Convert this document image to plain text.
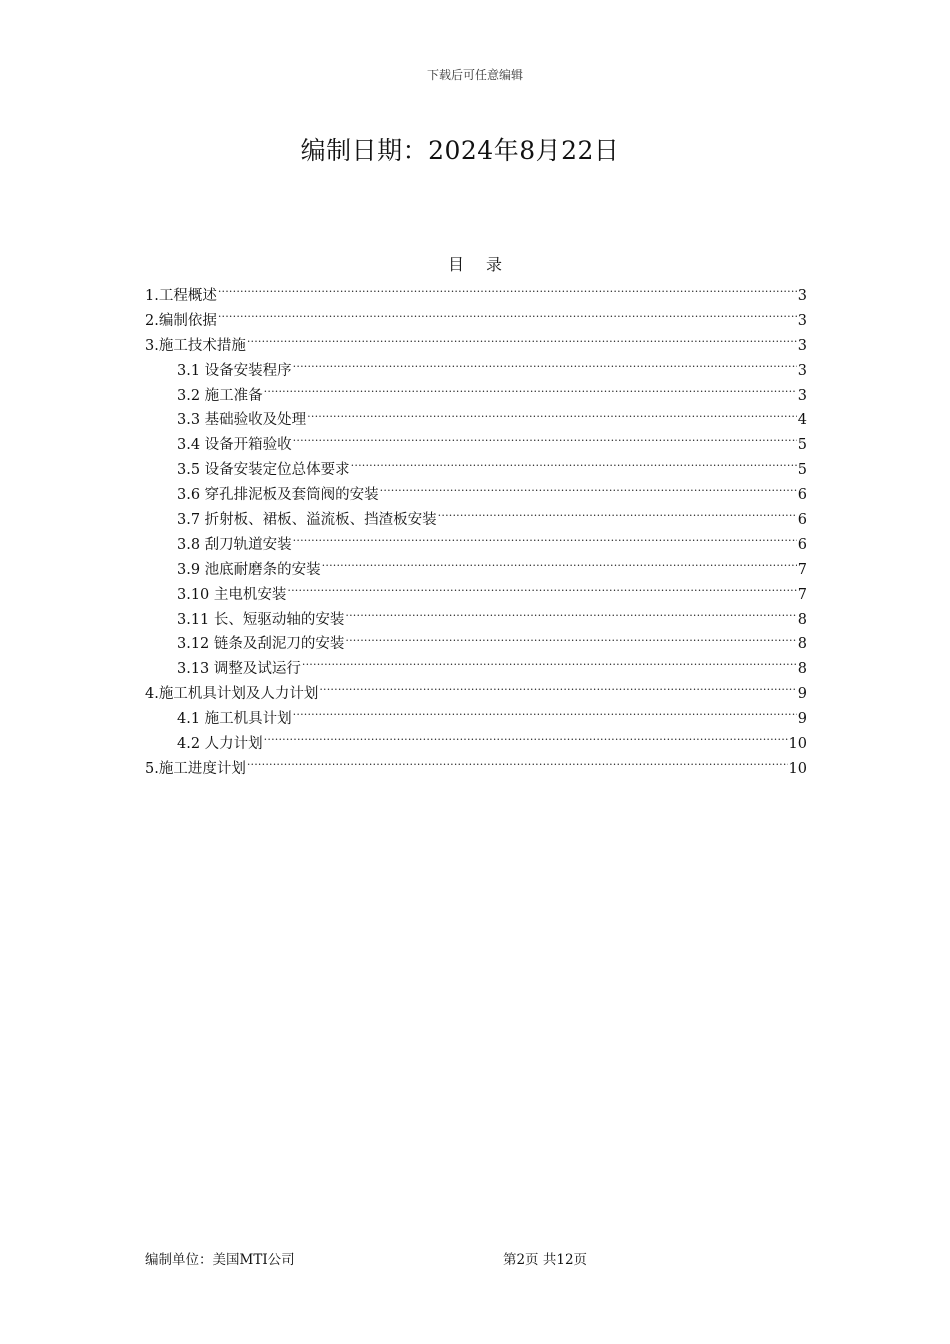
下载后可任意编辑
编制日期：2024年8月22日
目录
1.工程概述 .....	3
2.编制依据 .....	3
3.施工技术措施 .....	3
3.1 设备安装程序 .....	3
3.2 施工准备 .....	3
3.3 基础验收及处理 .....	4
3.4 设备开箱验收 .....	5
3.5 设备安装定位总体要求 .....	5
3.6 穿孔排泥板及套筒阀的安装 .....	6
3.7 折射板、裙板、溢流板、挡渣板安装 .....	6
3.8 刮刀轨道安装 .....	6
3.9 池底耐磨条的安装 .....	7
3.10 主电机安装 .....	7
3.11 长、短驱动轴的安装 .....	8
3.12 链条及刮泥刀的安装 .....	8
3.13 调整及试运行 .....	8
4.施工机具计划及人力计划 .....	9
4.1 施工机具计划 .....	9
4.2 人力计划 .....	10
5.施工进度计划 .....	10
编制单位：美国MTI公司	第2页 共12页
